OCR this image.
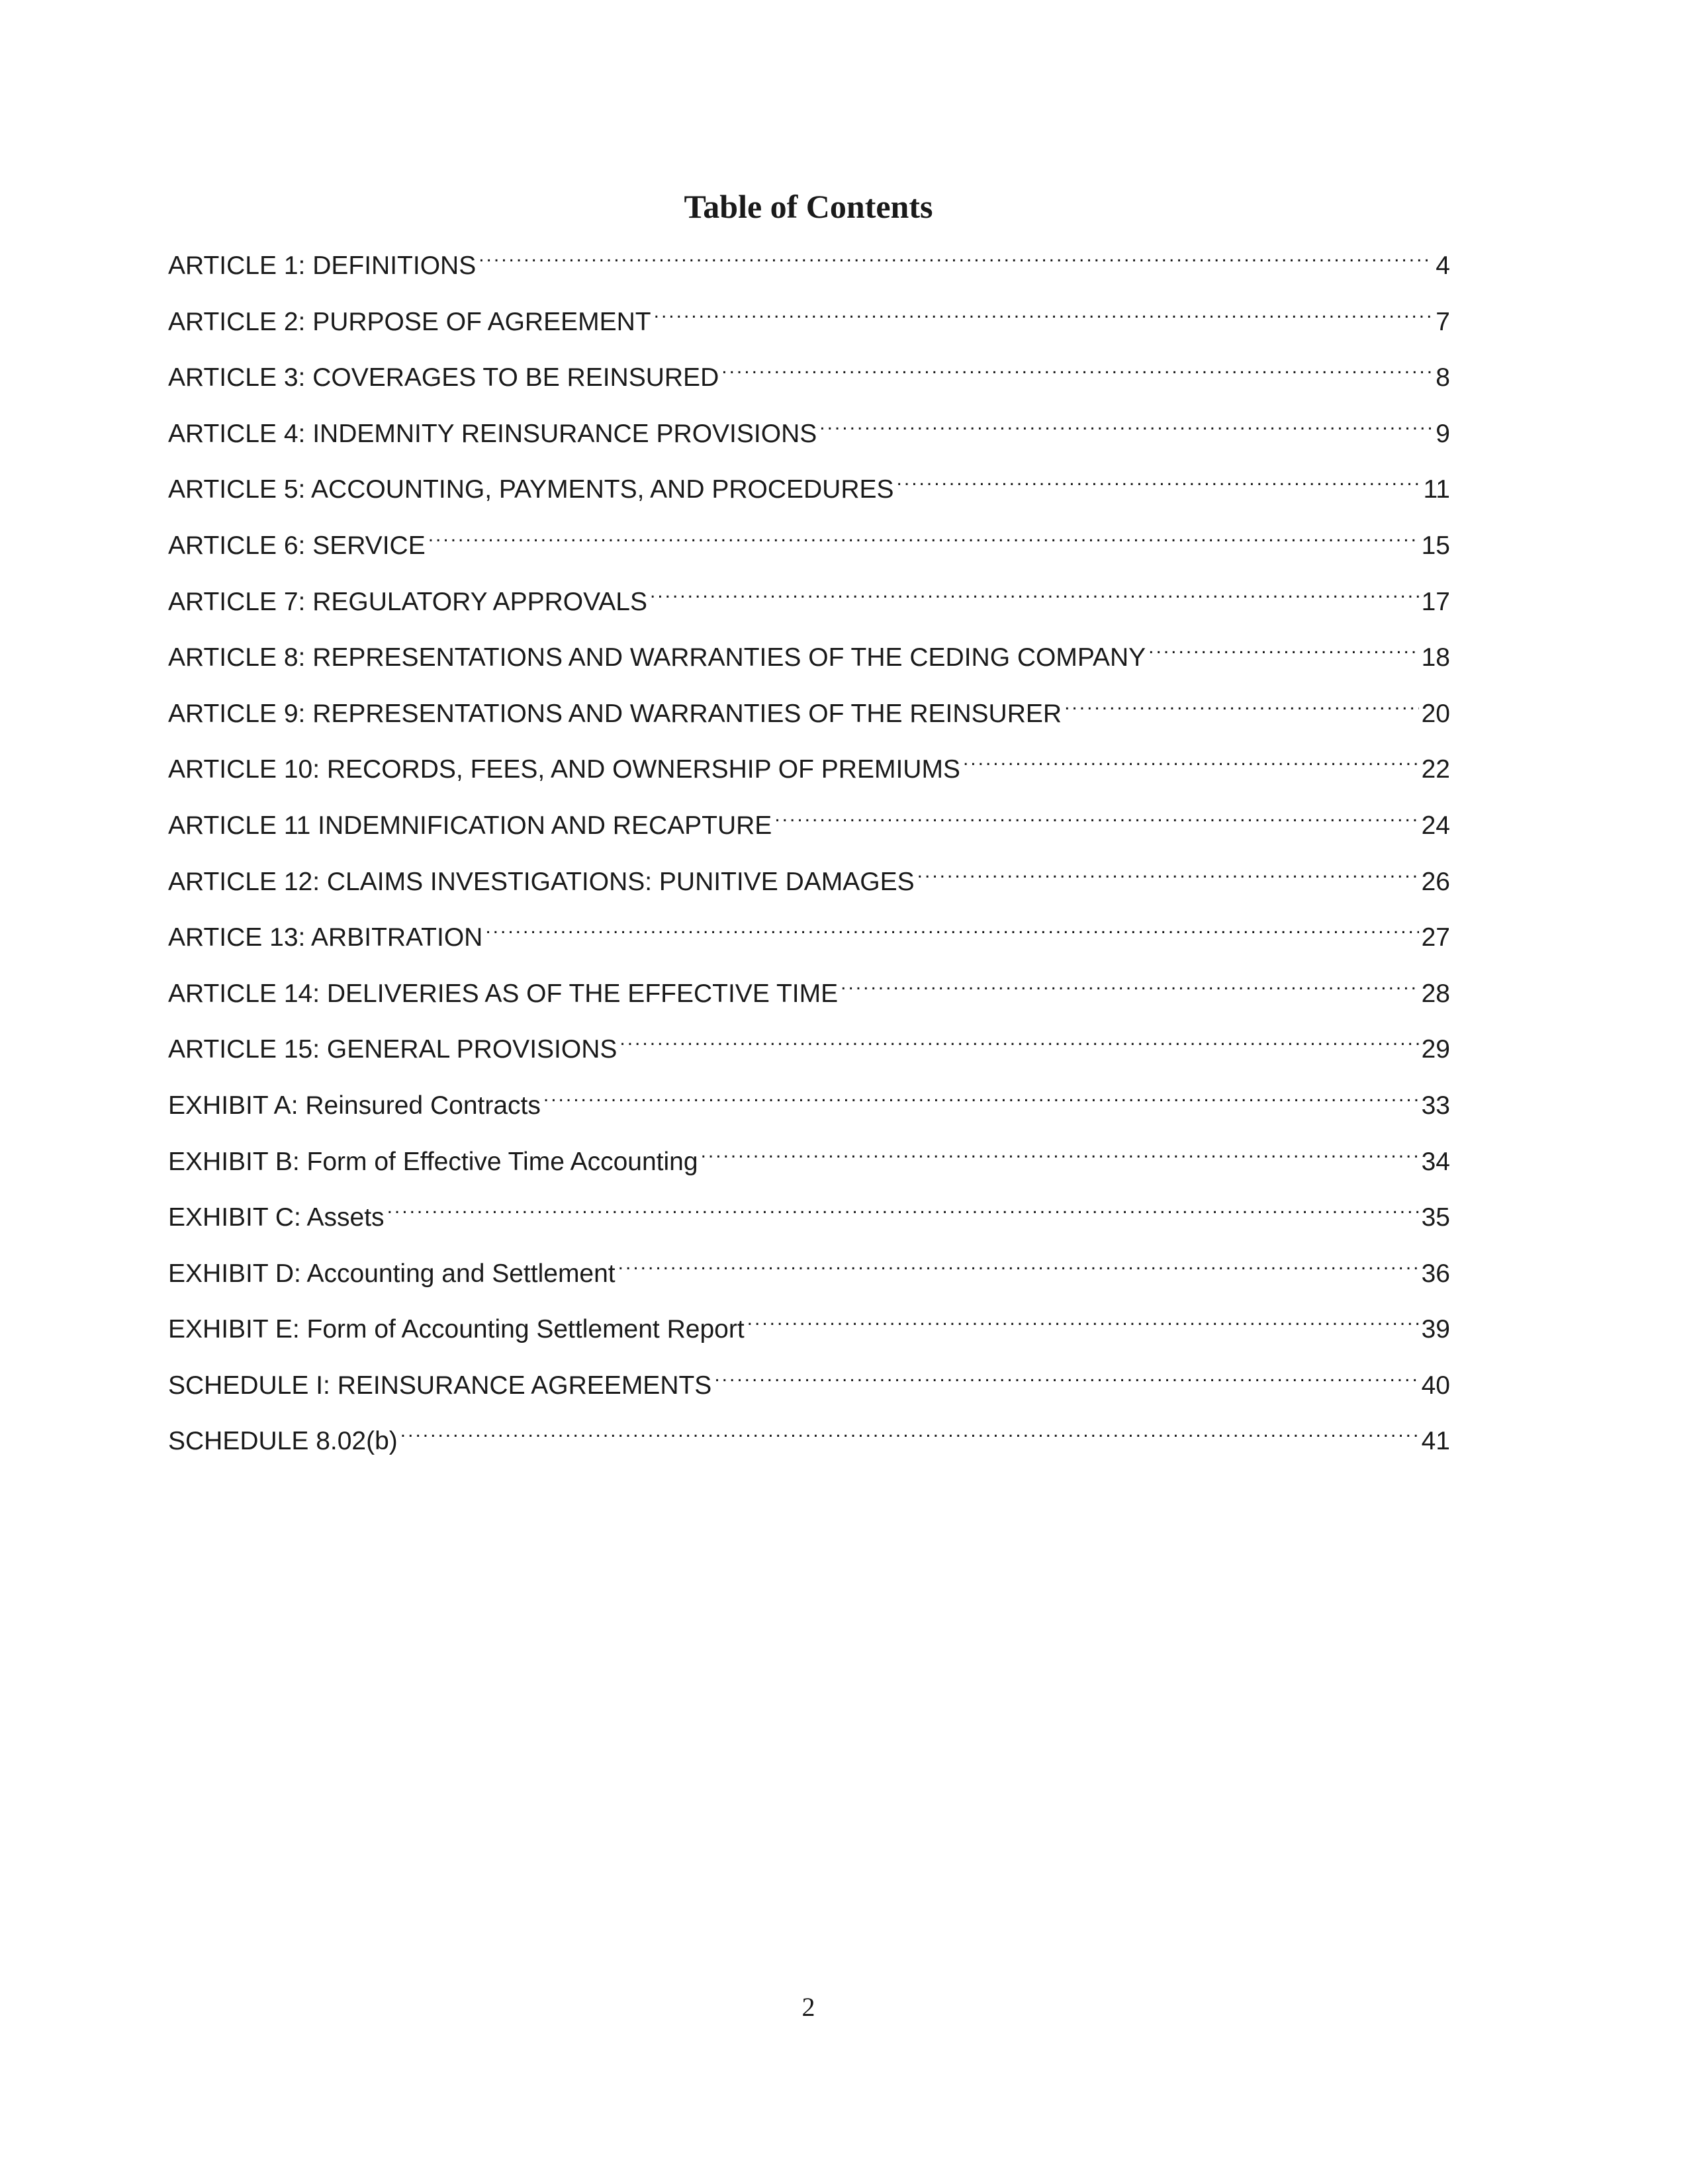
Table of Contents
ARTICLE 1: DEFINITIONS .....	4
ARTICLE 2: PURPOSE OF AGREEMENT .....	7
ARTICLE 3: COVERAGES TO BE REINSURED .....	8
ARTICLE 4: INDEMNITY REINSURANCE PROVISIONS .....	9
ARTICLE 5: ACCOUNTING, PAYMENTS, AND PROCEDURES .....	11
ARTICLE 6: SERVICE .....	15
ARTICLE 7: REGULATORY APPROVALS .....	17
ARTICLE 8: REPRESENTATIONS AND WARRANTIES OF THE CEDING COMPANY .....	18
ARTICLE 9: REPRESENTATIONS AND WARRANTIES OF THE REINSURER .....	20
ARTICLE 10: RECORDS, FEES, AND OWNERSHIP OF PREMIUMS .....	22
ARTICLE 11 INDEMNIFICATION AND RECAPTURE .....	24
ARTICLE 12: CLAIMS INVESTIGATIONS: PUNITIVE DAMAGES .....	26
ARTICE 13: ARBITRATION .....	27
ARTICLE 14: DELIVERIES AS OF THE EFFECTIVE TIME .....	28
ARTICLE 15: GENERAL PROVISIONS .....	29
EXHIBIT A: Reinsured Contracts .....	33
EXHIBIT B: Form of Effective Time Accounting .....	34
EXHIBIT C: Assets .....	35
EXHIBIT D: Accounting and Settlement .....	36
EXHIBIT E: Form of Accounting Settlement Report .....	39
SCHEDULE I: REINSURANCE AGREEMENTS .....	40
SCHEDULE 8.02(b) .....	41
2
